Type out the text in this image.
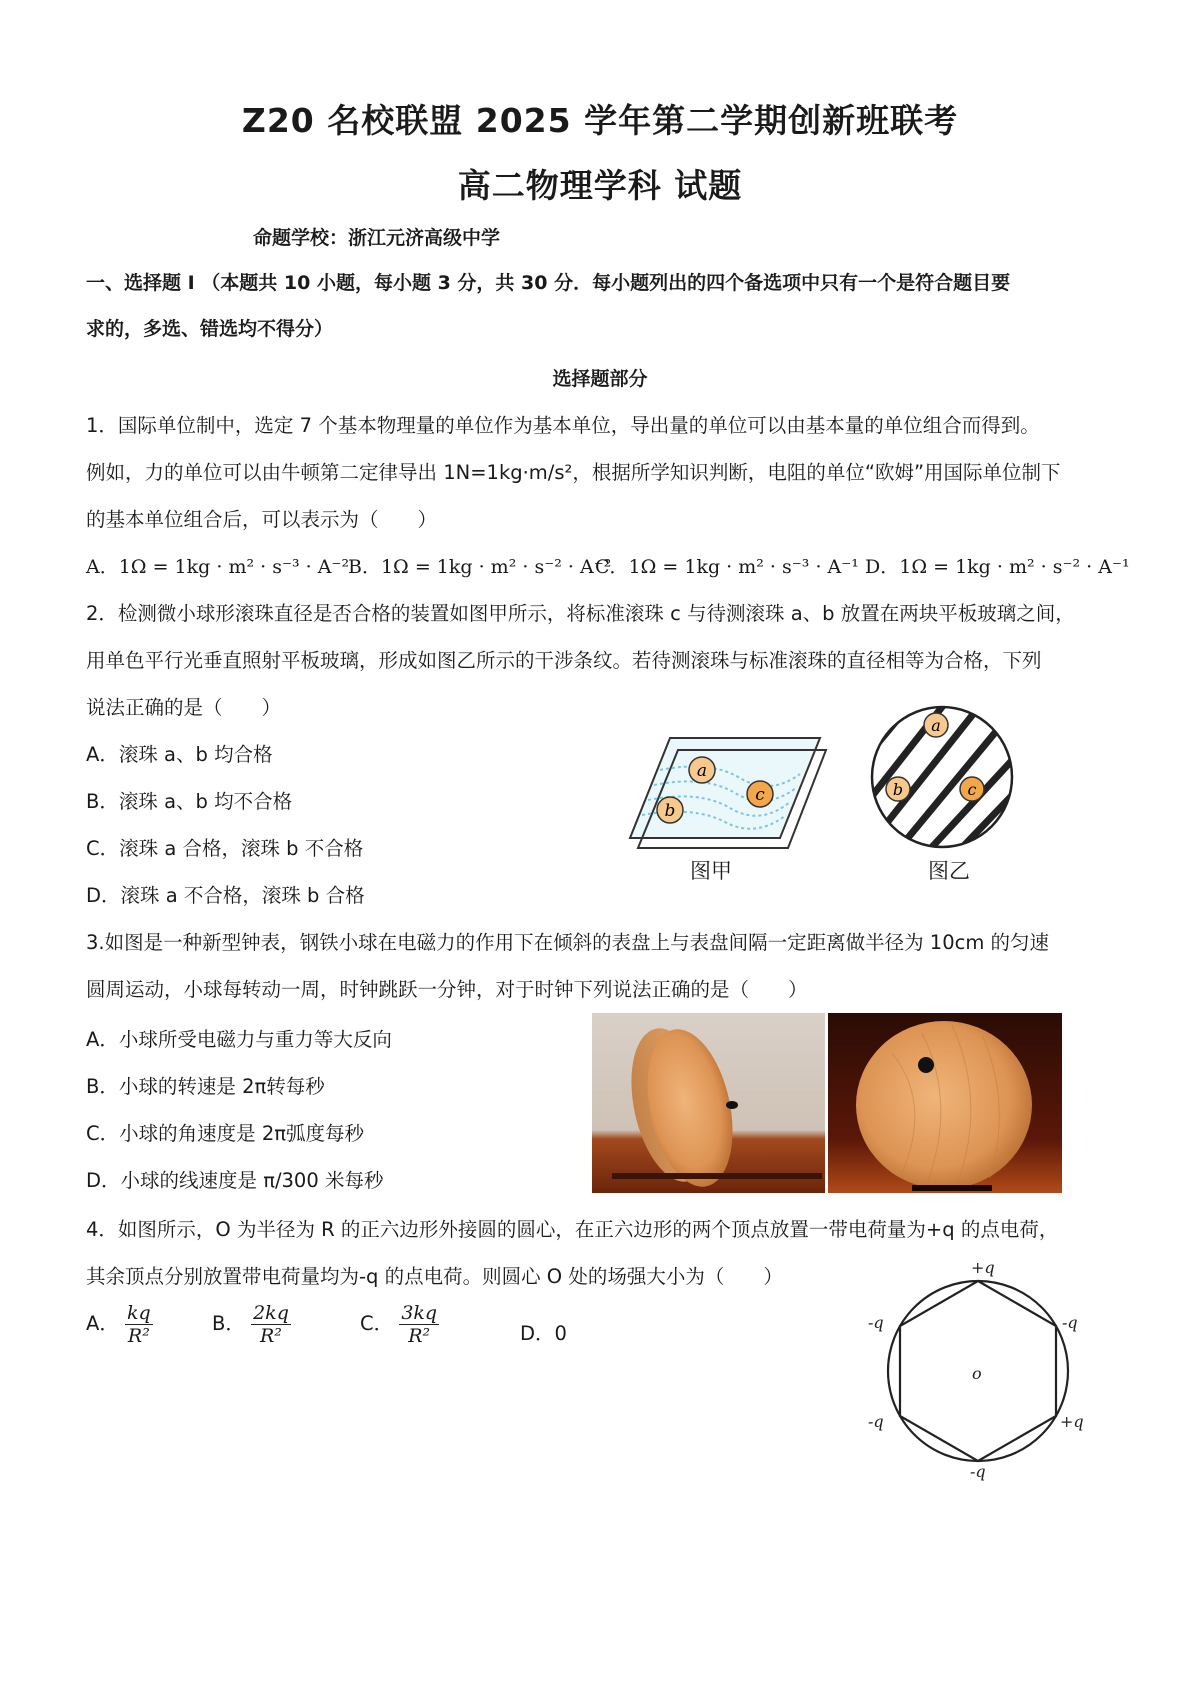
Z20 名校联盟 2025 学年第二学期创新班联考
高二物理学科 试题
命题学校：浙江元济高级中学
一、选择题 Ⅰ （本题共 10 小题，每小题 3 分，共 30 分．每小题列出的四个备选项中只有一个是符合题目要
求的，多选、错选均不得分）
选择题部分
1．国际单位制中，选定 7 个基本物理量的单位作为基本单位，导出量的单位可以由基本量的单位组合而得到。
例如，力的单位可以由牛顿第二定律导出 1N=1kg·m/s²，根据所学知识判断，电阻的单位“欧姆”用国际单位制下
的基本单位组合后，可以表示为（　　）
A．1Ω = 1kg · m² · s⁻³ · A⁻²
B．1Ω = 1kg · m² · s⁻² · A⁻²
C．1Ω = 1kg · m² · s⁻³ · A⁻¹ D．1Ω = 1kg · m² · s⁻² · A⁻¹
2．检测微小球形滚珠直径是否合格的装置如图甲所示，将标准滚珠 c 与待测滚珠 a、b 放置在两块平板玻璃之间，
用单色平行光垂直照射平板玻璃，形成如图乙所示的干涉条纹。若待测滚珠与标准滚珠的直径相等为合格，下列
说法正确的是（　　）
A．滚珠 a、b 均合格
B．滚珠 a、b 均不合格
C．滚珠 a 合格，滚珠 b 不合格
D．滚珠 a 不合格，滚珠 b 合格
a
c
b
图甲
a
b	c
图乙
3.如图是一种新型钟表，钢铁小球在电磁力的作用下在倾斜的表盘上与表盘间隔一定距离做半径为 10cm 的匀速
圆周运动，小球每转动一周，时钟跳跃一分钟，对于时钟下列说法正确的是（　　）
A．小球所受电磁力与重力等大反向
B．小球的转速是 2π转每秒
C．小球的角速度是 2π弧度每秒
D．小球的线速度是 π/300 米每秒
4．如图所示，O 为半径为 R 的正六边形外接圆的圆心，在正六边形的两个顶点放置一带电荷量为+q 的点电荷，
其余顶点分别放置带电荷量均为-q 的点电荷。则圆心 O 处的场强大小为（　　）
A． $\frac{kq}{\text{R²}}$	B． $\frac{2kq}{\text{R²}}$	C． $\frac{3kq}{\text{R²}}$	D．0
+q
-q	-q
-q	+q
-q
o
